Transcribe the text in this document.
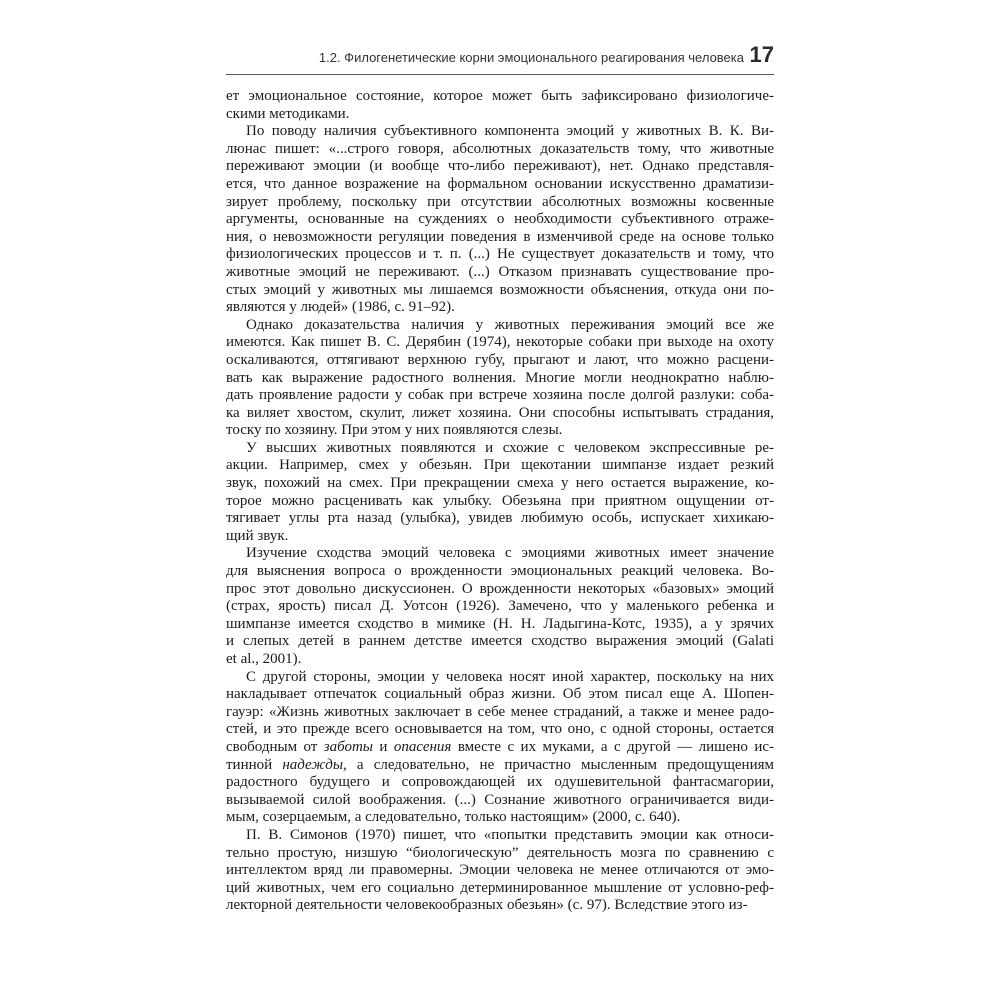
1.2. Филогенетические корни эмоционального реагирования человека 17
ет эмоциональное состояние, которое может быть зафиксировано физиологиче-
скими методиками.
По поводу наличия субъективного компонента эмоций у животных В. К. Ви-
люнас пишет: «...строго говоря, абсолютных доказательств тому, что животные
переживают эмоции (и вообще что-либо переживают), нет. Однако представля-
ется, что данное возражение на формальном основании искусственно драматизи-
зирует проблему, поскольку при отсутствии абсолютных возможны косвенные
аргументы, основанные на суждениях о необходимости субъективного отраже-
ния, о невозможности регуляции поведения в изменчивой среде на основе только
физиологических процессов и т. п. (...) Не существует доказательств и тому, что
животные эмоций не переживают. (...) Отказом признавать существование про-
стых эмоций у животных мы лишаемся возможности объяснения, откуда они по-
являются у людей» (1986, с. 91–92).
Однако доказательства наличия у животных переживания эмоций все же
имеются. Как пишет В. С. Дерябин (1974), некоторые собаки при выходе на охоту
оскаливаются, оттягивают верхнюю губу, прыгают и лают, что можно расцени-
вать как выражение радостного волнения. Многие могли неоднократно наблю-
дать проявление радости у собак при встрече хозяина после долгой разлуки: соба-
ка виляет хвостом, скулит, лижет хозяина. Они способны испытывать страдания,
тоску по хозяину. При этом у них появляются слезы.
У высших животных появляются и схожие с человеком экспрессивные ре-
акции. Например, смех у обезьян. При щекотании шимпанзе издает резкий
звук, похожий на смех. При прекращении смеха у него остается выражение, ко-
торое можно расценивать как улыбку. Обезьяна при приятном ощущении от-
тягивает углы рта назад (улыбка), увидев любимую особь, испускает хихикаю-
щий звук.
Изучение сходства эмоций человека с эмоциями животных имеет значение
для выяснения вопроса о врожденности эмоциональных реакций человека. Во-
прос этот довольно дискуссионен. О врожденности некоторых «базовых» эмоций
(страх, ярость) писал Д. Уотсон (1926). Замечено, что у маленького ребенка и
шимпанзе имеется сходство в мимике (Н. Н. Ладыгина-Котс, 1935), а у зрячих
и слепых детей в раннем детстве имеется сходство выражения эмоций (Galati
et al., 2001).
С другой стороны, эмоции у человека носят иной характер, поскольку на них
накладывает отпечаток социальный образ жизни. Об этом писал еще А. Шопен-
гауэр: «Жизнь животных заключает в себе менее страданий, а также и менее радо-
стей, и это прежде всего основывается на том, что оно, с одной стороны, остается
свободным от заботы и опасения вместе с их муками, а с другой — лишено ис-
тинной надежды, а следовательно, не причастно мысленным предощущениям
радостного будущего и сопровождающей их одушевительной фантасмагории,
вызываемой силой воображения. (...) Сознание животного ограничивается види-
мым, созерцаемым, а следовательно, только настоящим» (2000, с. 640).
П. В. Симонов (1970) пишет, что «попытки представить эмоции как относи-
тельно простую, низшую “биологическую” деятельность мозга по сравнению с
интеллектом вряд ли правомерны. Эмоции человека не менее отличаются от эмо-
ций животных, чем его социально детерминированное мышление от условно-реф-
лекторной деятельности человекообразных обезьян» (с. 97). Вследствие этого из-
